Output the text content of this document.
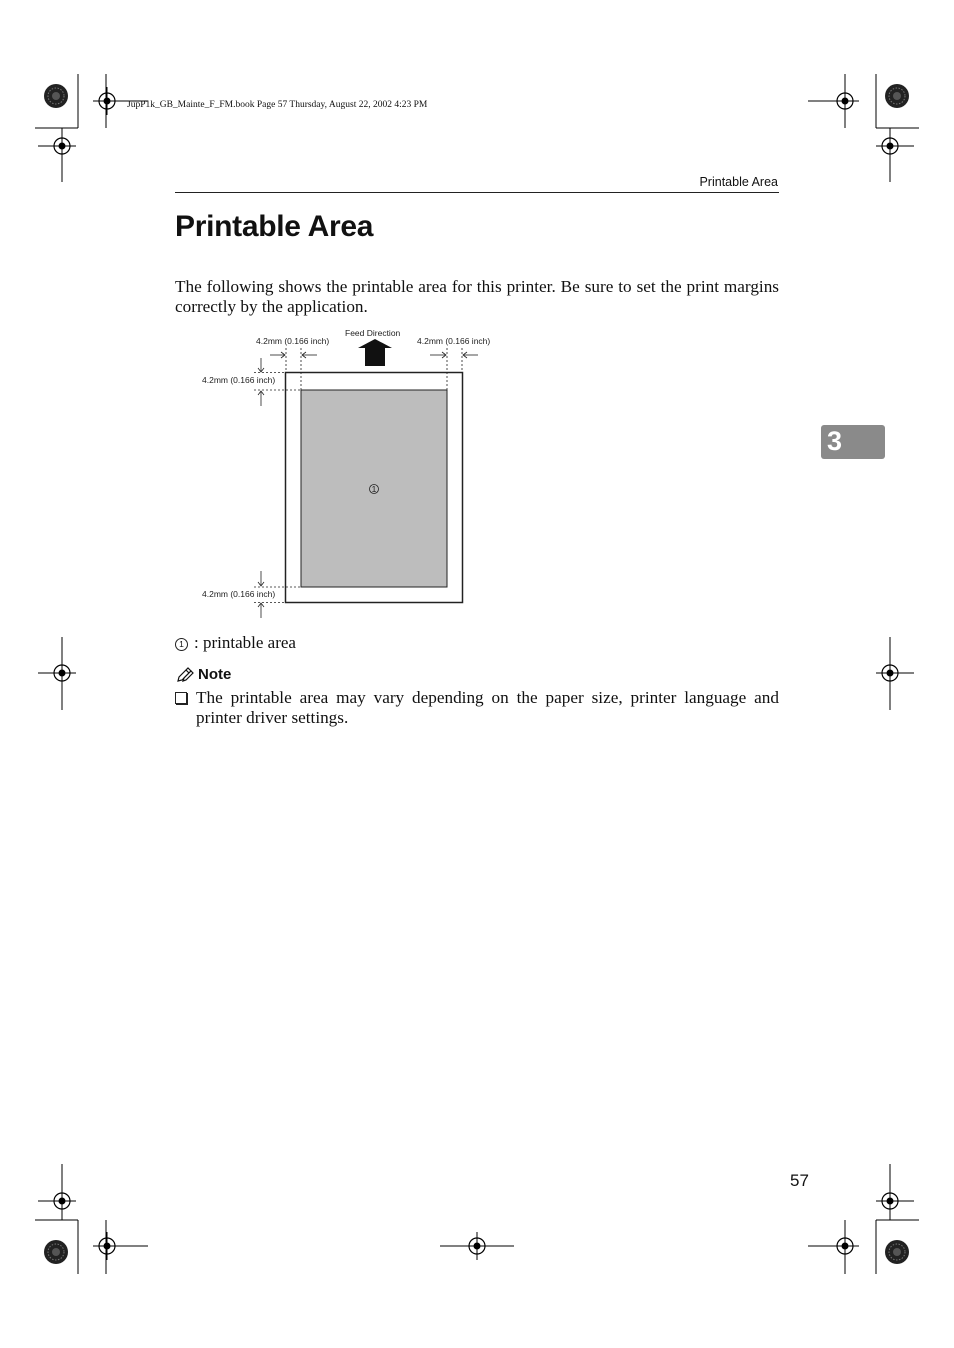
JupP1k_GB_Mainte_F_FM.book Page 57 Thursday, August 22, 2002 4:23 PM
Printable Area
3
Printable Area
The following shows the printable area for this printer. Be sure to set the print margins correctly by the application.
1
Feed Direction
4.2mm (0.166 inch)	4.2mm (0.166 inch)
4.2mm (0.166 inch)
4.2mm (0.166 inch)
1 : printable area
Note
The printable area may vary depending on the paper size, printer language and printer driver settings.
57
